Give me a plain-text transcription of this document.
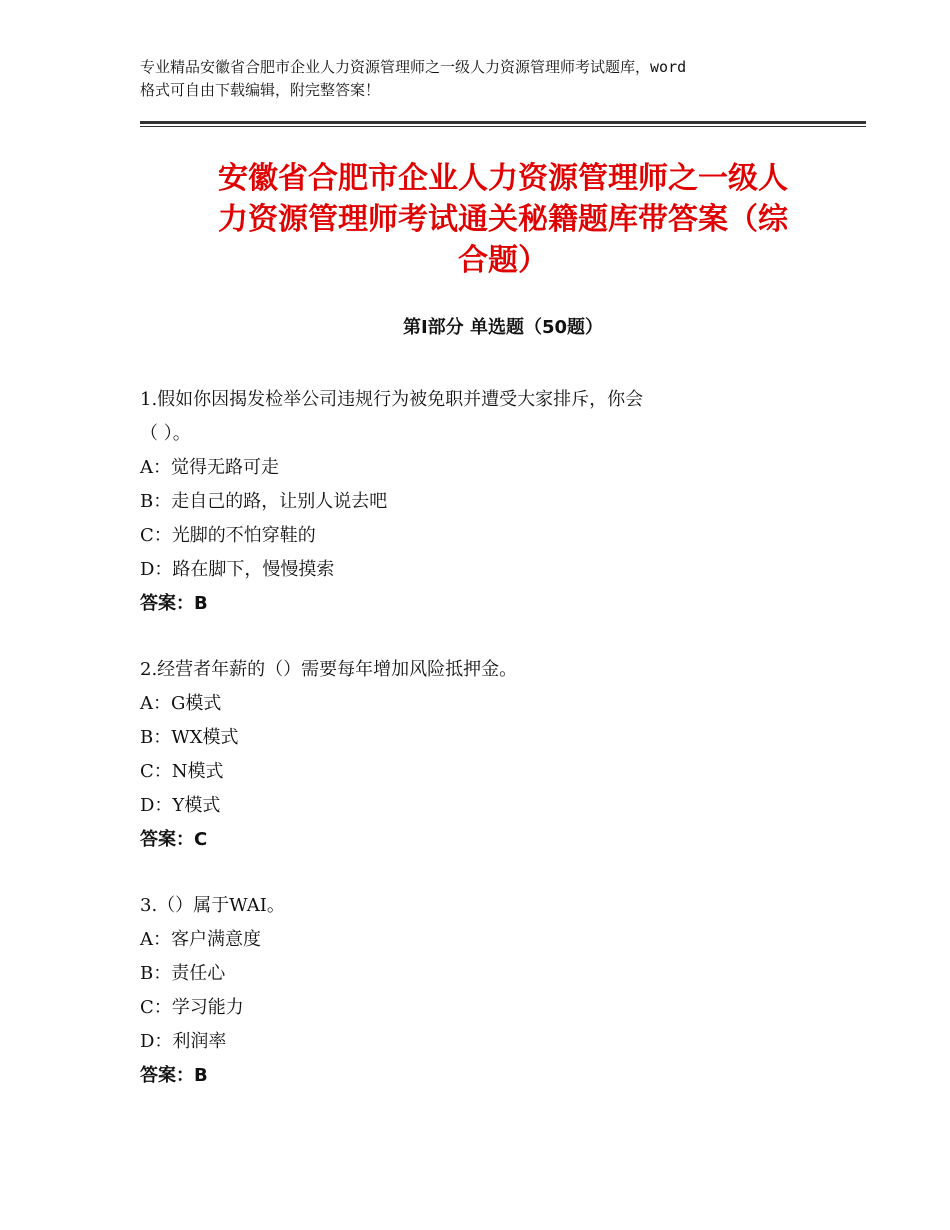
专业精品安徽省合肥市企业人力资源管理师之一级人力资源管理师考试题库，word
格式可自由下载编辑，附完整答案！
安徽省合肥市企业人力资源管理师之一级人
力资源管理师考试通关秘籍题库带答案（综
合题）
第Ⅰ部分 单选题（50题）
1.假如你因揭发检举公司违规行为被免职并遭受大家排斥，你会
（ ）。
A：觉得无路可走
B：走自己的路，让别人说去吧
C：光脚的不怕穿鞋的
D：路在脚下，慢慢摸索
答案：B
2.经营者年薪的（）需要每年增加风险抵押金。
A：G模式
B：WX模式
C：N模式
D：Y模式
答案：C
3.（）属于WAI。
A：客户满意度
B：责任心
C：学习能力
D：利润率
答案：B
